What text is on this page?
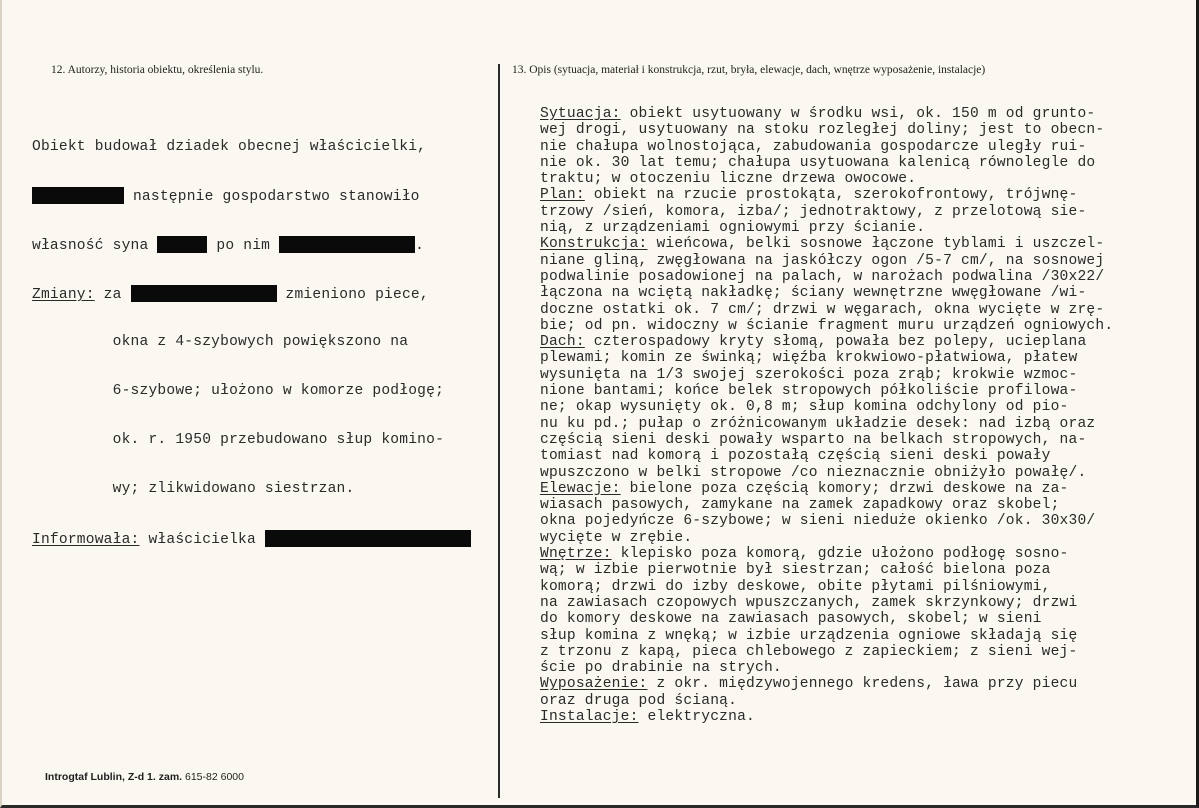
12. Autorzy, historia obiektu, określenia stylu.	13. Opis (sytuacja, materiał i konstrukcja, rzut, bryła, elewacje, dach, wnętrze wyposażenie, instalacje)

Obiekt budował dziadek obecnej właścicielki,

następnie gospodarstwo stanowiło

własność syna	po nim	.

Zmiany: za	zmieniono piece,

okna z 4-szybowych powiększono na

6-szybowe; ułożono w komorze podłogę;

ok. r. 1950 przebudowano słup komino-

wy; zlikwidowano siestrzan.

Informowała: właścicielka

Sytuacja: obiekt usytuowany w środku wsi, ok. 150 m od grunto-
wej drogi, usytuowany na stoku rozległej doliny; jest to obecn-
nie chałupa wolnostojąca, zabudowania gospodarcze uległy rui-
nie ok. 30 lat temu; chałupa usytuowana kalenicą równolegle do
traktu; w otoczeniu liczne drzewa owocowe.
Plan: obiekt na rzucie prostokąta, szerokofrontowy, trójwnę-
trzowy /sień, komora, izba/; jednotraktowy, z przelotową sie-
nią, z urządzeniami ogniowymi przy ścianie.
Konstrukcja: wieńcowa, belki sosnowe łączone tyblami i uszczel-
niane gliną, zwęgłowana na jaskółczy ogon /5-7 cm/, na sosnowej
podwalinie posadowionej na palach, w narożach podwalina /30x22/
łączona na wciętą nakładkę; ściany wewnętrzne wwęgłowane /wi-
doczne ostatki ok. 7 cm/; drzwi w węgarach, okna wycięte w zrę-
bie; od pn. widoczny w ścianie fragment muru urządzeń ogniowych.
Dach: czterospadowy kryty słomą, powała bez polepy, ucieplana
plewami; komin ze świnką; więźba krokwiowo-płatwiowa, płatew
wysunięta na 1/3 swojej szerokości poza zrąb; krokwie wzmoc-
nione bantami; końce belek stropowych półkoliście profilowa-
ne; okap wysunięty ok. 0,8 m; słup komina odchylony od pio-
nu ku pd.; pułap o zróżnicowanym układzie desek: nad izbą oraz
częścią sieni deski powały wsparto na belkach stropowych, na-
tomiast nad komorą i pozostałą częścią sieni deski powały
wpuszczono w belki stropowe /co nieznacznie obniżyło powałę/.
Elewacje: bielone poza częścią komory; drzwi deskowe na za-
wiasach pasowych, zamykane na zamek zapadkowy oraz skobel;
okna pojedyńcze 6-szybowe; w sieni nieduże okienko /ok. 30x30/
wycięte w zrębie.
Wnętrze: klepisko poza komorą, gdzie ułożono podłogę sosno-
wą; w izbie pierwotnie był siestrzan; całość bielona poza
komorą; drzwi do izby deskowe, obite płytami pilśniowymi,
na zawiasach czopowych wpuszczanych, zamek skrzynkowy; drzwi
do komory deskowe na zawiasach pasowych, skobel; w sieni
słup komina z wnęką; w izbie urządzenia ogniowe składają się
z trzonu z kapą, pieca chlebowego z zapieckiem; z sieni wej-
ście po drabinie na strych.
Wyposażenie: z okr. międzywojennego kredens, ława przy piecu
oraz druga pod ścianą.
Instalacje: elektryczna.
Introgtaf Lublin, Z-d 1. zam. 615-82 6000
